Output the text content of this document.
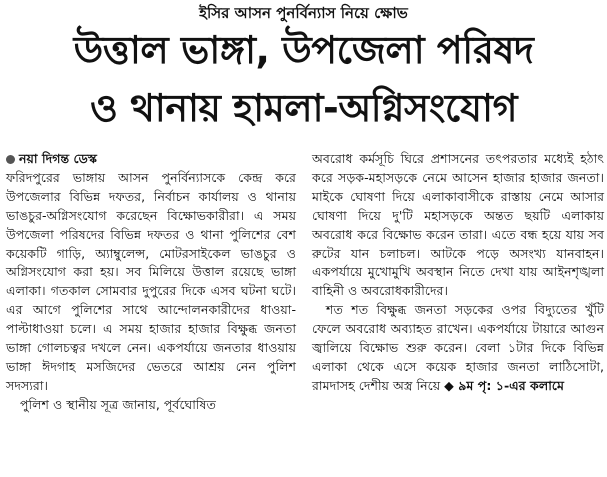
ইসির আসন পুনর্বিন্যাস নিয়ে ক্ষোভ
উত্তাল ভাঙ্গা, উপজেলা পরিষদ
ও থানায় হামলা-অগ্নিসংযোগ
নয়া দিগন্ত ডেস্ক

ফরিদপুরের ভাঙ্গায় আসন পুনর্বিন্যাসকে কেন্দ্র করে উপজেলার বিভিন্ন দফতর, নির্বাচন কার্যালয় ও থানায় ভাঙচুর-অগ্নিসংযোগ করেছেন বিক্ষোভকারীরা। এ সময় উপজেলা পরিষদের বিভিন্ন দফতর ও থানা পুলিশের বেশ কয়েকটি গাড়ি, অ্যাম্বুলেন্স, মোটরসাইকেল ভাঙচুর ও অগ্নিসংযোগ করা হয়। সব মিলিয়ে উত্তাল রয়েছে ভাঙ্গা এলাকা। গতকাল সোমবার দুপুরের দিকে এসব ঘটনা ঘটে। এর আগে পুলিশের সাথে আন্দোলনকারীদের ধাওয়া-পাল্টাধাওয়া চলে। এ সময় হাজার হাজার বিক্ষুব্ধ জনতা ভাঙ্গা গোলচত্বর দখলে নেন। একপর্যায়ে জনতার ধাওয়ায় ভাঙ্গা ঈদগাহ মসজিদের ভেতরে আশ্রয় নেন পুলিশ সদস্যরা।

পুলিশ ও স্থানীয় সূত্র জানায়, পূর্বঘোষিত

অবরোধ কর্মসূচি ঘিরে প্রশাসনের তৎপরতার মধ্যেই হঠাৎ করে সড়ক-মহাসড়কে নেমে আসেন হাজার হাজার জনতা। মাইকে ঘোষণা দিয়ে এলাকাবাসীকে রাস্তায় নেমে আসার ঘোষণা দিয়ে দু'টি মহাসড়কে অন্তত ছয়টি এলাকায় অবরোধ করে বিক্ষোভ করেন তারা। এতে বন্ধ হয়ে যায় সব রুটের যান চলাচল। আটকে পড়ে অসংখ্য যানবাহন। একপর্যায়ে মুখোমুখি অবস্থান নিতে দেখা যায় আইনশৃঙ্খলা বাহিনী ও অবরোধকারীদের।

শত শত বিক্ষুব্ধ জনতা সড়কের ওপর বিদ্যুতের খুঁটি ফেলে অবরোধ অব্যাহত রাখেন। একপর্যায়ে টায়ারে আগুন জ্বালিয়ে বিক্ষোভ শুরু করেন। বেলা ১টার দিকে বিভিন্ন এলাকা থেকে এসে কয়েক হাজার জনতা লাঠিসোটা, রামদাসহ দেশীয় অস্ত্র নিয়ে ◆ ৯ম পৃ: ১-এর কলামে
